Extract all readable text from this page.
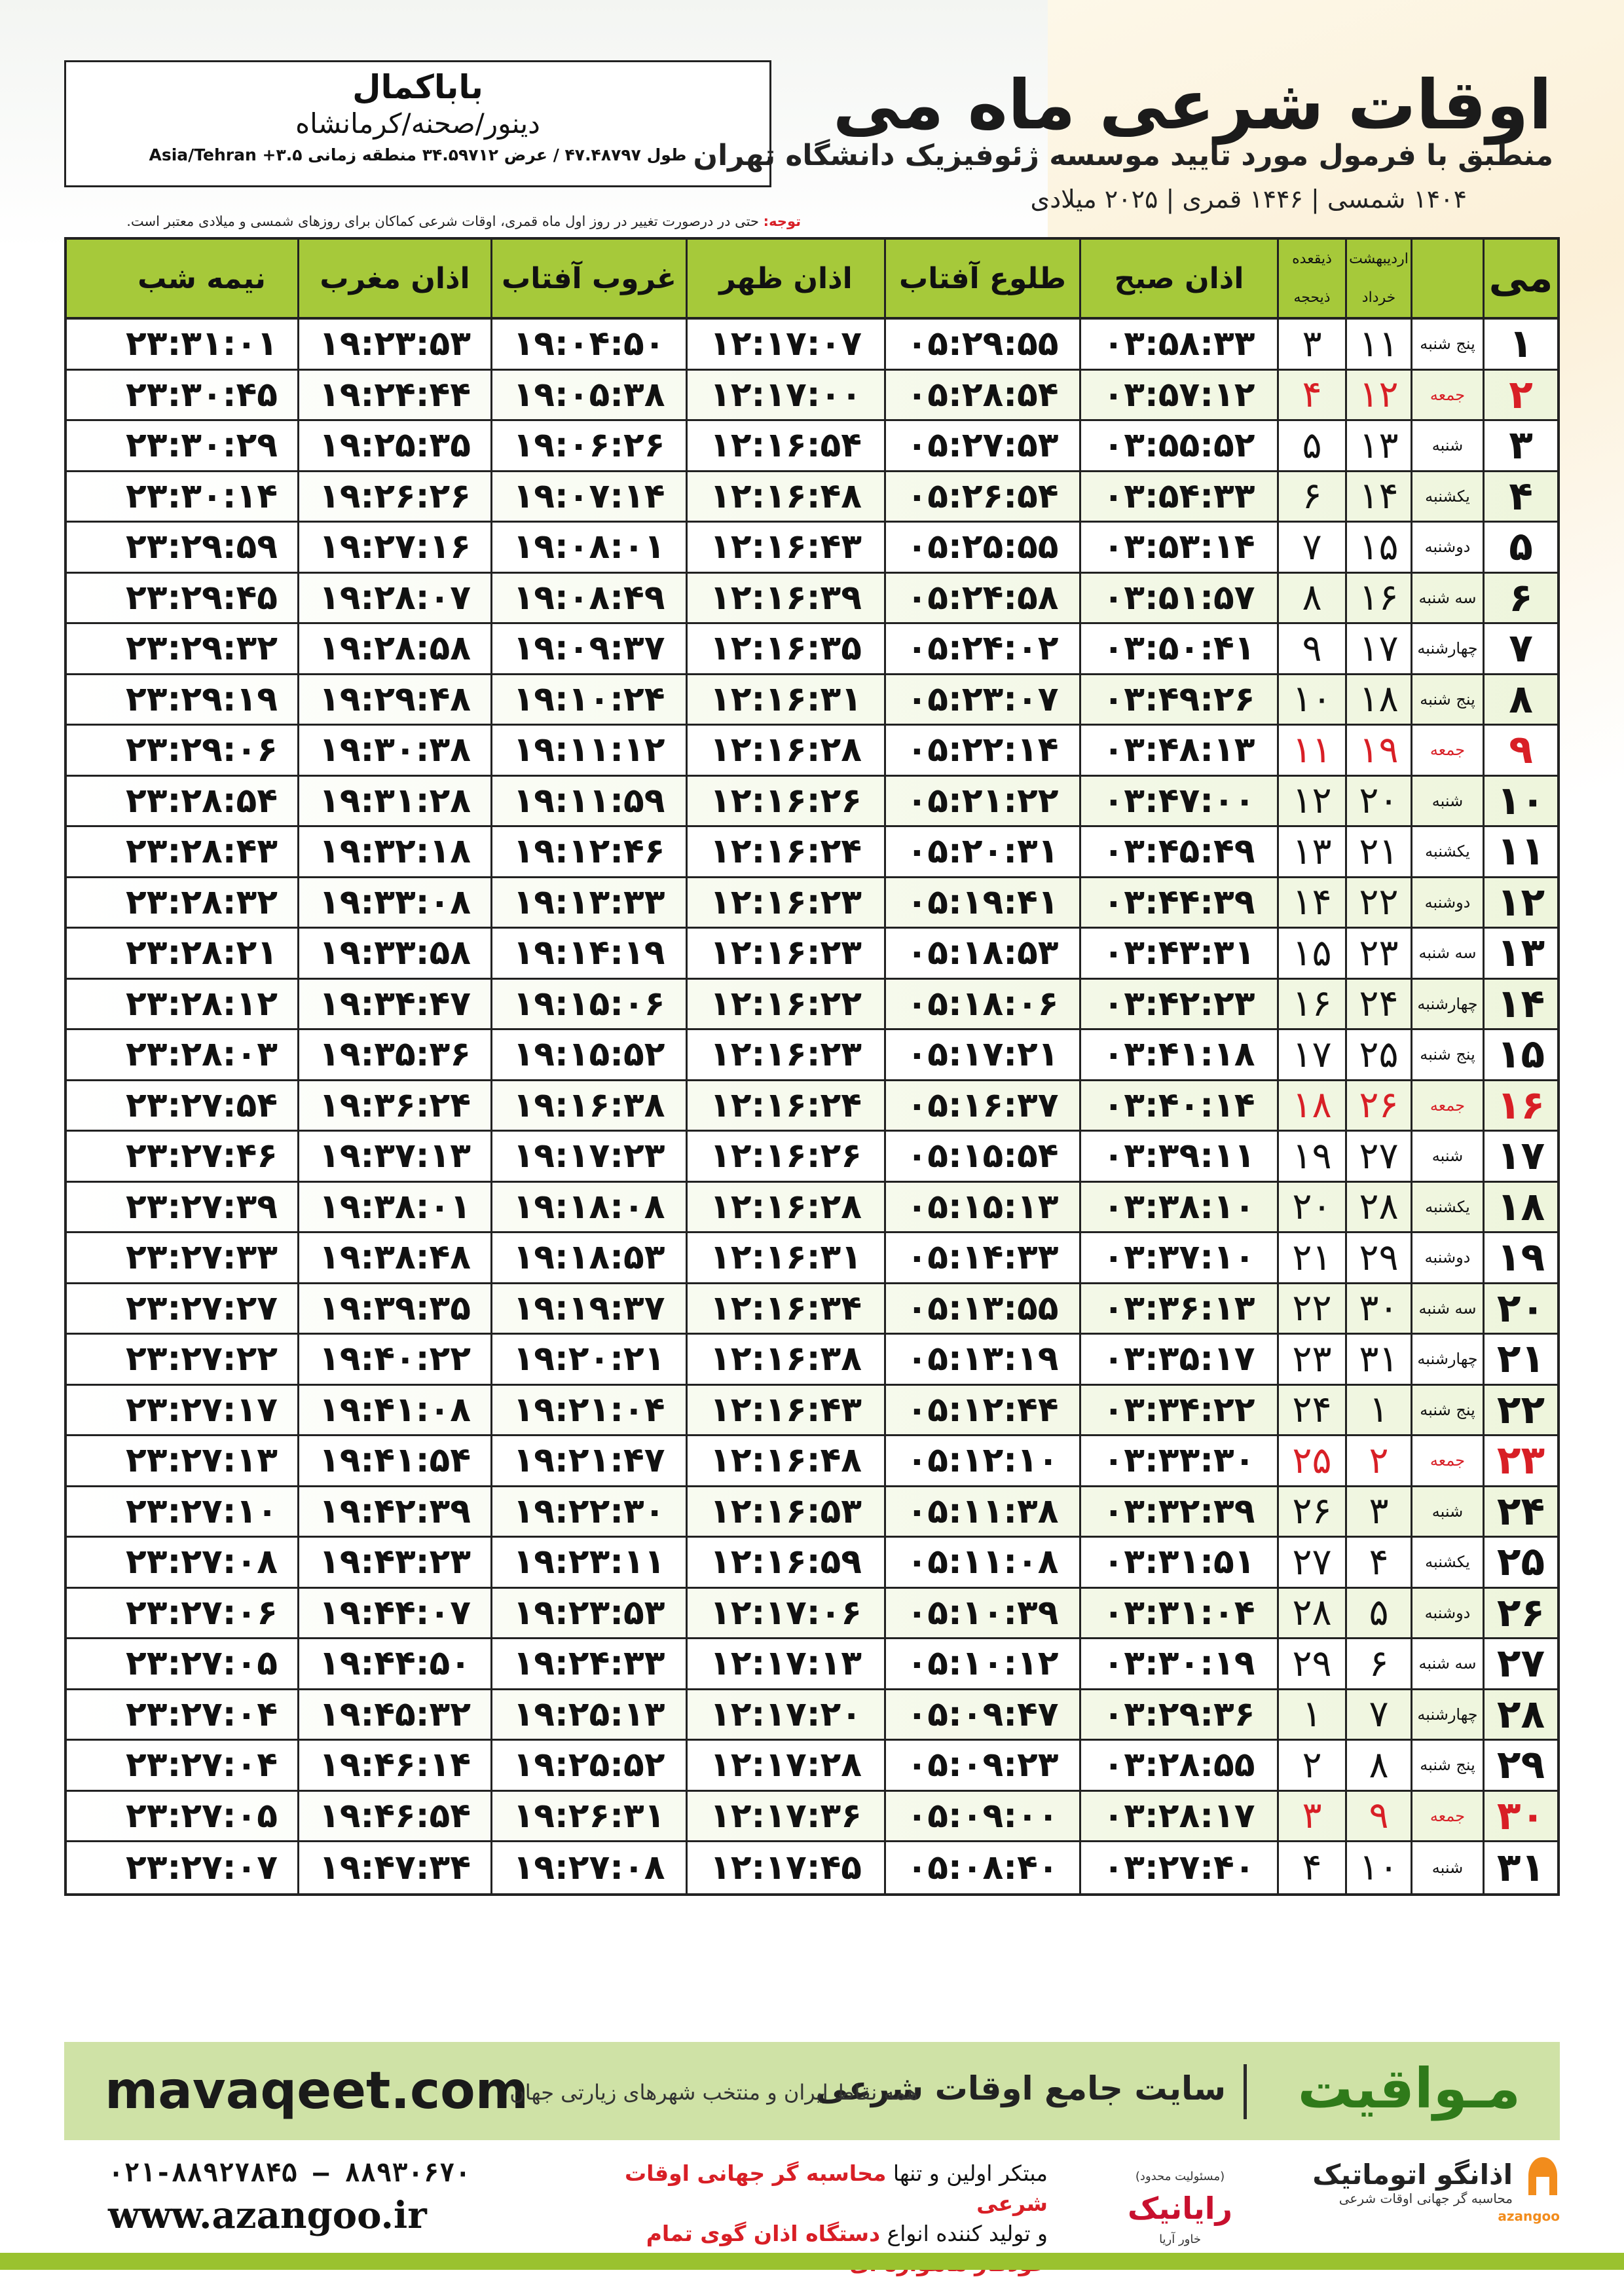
باباکمال
دینور/صحنه/کرمانشاه
طول ۴۷.۴۸۷۹۷ / عرض ۳۴.۵۹۷۱۲ منطقه زمانی ۳.۵+ Asia/Tehran
توجه: حتی در درصورت تغییر در روز اول ماه قمری، اوقات شرعی کماکان برای روزهای شمسی و میلادی معتبر است.
اوقات شرعی ماه می
منطبق با فرمول مورد تایید موسسه ژئوفیزیک دانشگاه تهران
۱۴۰۴ شمسی | ۱۴۴۶ قمری | ۲۰۲۵ میلادی
می
اردیبهشت
خرداد
ذیقعده
ذیحجه
اذان صبح
طلوع آفتاب
اذان ظهر
غروب آفتاب
اذان مغرب
نیمه شب
۱
پنج شنبه
۱۱
۳
۰۳:۵۸:۳۳
۰۵:۲۹:۵۵
۱۲:۱۷:۰۷
۱۹:۰۴:۵۰
۱۹:۲۳:۵۳
۲۳:۳۱:۰۱
۲
جمعه
۱۲
۴
۰۳:۵۷:۱۲
۰۵:۲۸:۵۴
۱۲:۱۷:۰۰
۱۹:۰۵:۳۸
۱۹:۲۴:۴۴
۲۳:۳۰:۴۵
۳
شنبه
۱۳
۵
۰۳:۵۵:۵۲
۰۵:۲۷:۵۳
۱۲:۱۶:۵۴
۱۹:۰۶:۲۶
۱۹:۲۵:۳۵
۲۳:۳۰:۲۹
۴
یکشنبه
۱۴
۶
۰۳:۵۴:۳۳
۰۵:۲۶:۵۴
۱۲:۱۶:۴۸
۱۹:۰۷:۱۴
۱۹:۲۶:۲۶
۲۳:۳۰:۱۴
۵
دوشنبه
۱۵
۷
۰۳:۵۳:۱۴
۰۵:۲۵:۵۵
۱۲:۱۶:۴۳
۱۹:۰۸:۰۱
۱۹:۲۷:۱۶
۲۳:۲۹:۵۹
۶
سه شنبه
۱۶
۸
۰۳:۵۱:۵۷
۰۵:۲۴:۵۸
۱۲:۱۶:۳۹
۱۹:۰۸:۴۹
۱۹:۲۸:۰۷
۲۳:۲۹:۴۵
۷
چهارشنبه
۱۷
۹
۰۳:۵۰:۴۱
۰۵:۲۴:۰۲
۱۲:۱۶:۳۵
۱۹:۰۹:۳۷
۱۹:۲۸:۵۸
۲۳:۲۹:۳۲
۸
پنج شنبه
۱۸
۱۰
۰۳:۴۹:۲۶
۰۵:۲۳:۰۷
۱۲:۱۶:۳۱
۱۹:۱۰:۲۴
۱۹:۲۹:۴۸
۲۳:۲۹:۱۹
۹
جمعه
۱۹
۱۱
۰۳:۴۸:۱۳
۰۵:۲۲:۱۴
۱۲:۱۶:۲۸
۱۹:۱۱:۱۲
۱۹:۳۰:۳۸
۲۳:۲۹:۰۶
۱۰
شنبه
۲۰
۱۲
۰۳:۴۷:۰۰
۰۵:۲۱:۲۲
۱۲:۱۶:۲۶
۱۹:۱۱:۵۹
۱۹:۳۱:۲۸
۲۳:۲۸:۵۴
۱۱
یکشنبه
۲۱
۱۳
۰۳:۴۵:۴۹
۰۵:۲۰:۳۱
۱۲:۱۶:۲۴
۱۹:۱۲:۴۶
۱۹:۳۲:۱۸
۲۳:۲۸:۴۳
۱۲
دوشنبه
۲۲
۱۴
۰۳:۴۴:۳۹
۰۵:۱۹:۴۱
۱۲:۱۶:۲۳
۱۹:۱۳:۳۳
۱۹:۳۳:۰۸
۲۳:۲۸:۳۲
۱۳
سه شنبه
۲۳
۱۵
۰۳:۴۳:۳۱
۰۵:۱۸:۵۳
۱۲:۱۶:۲۳
۱۹:۱۴:۱۹
۱۹:۳۳:۵۸
۲۳:۲۸:۲۱
۱۴
چهارشنبه
۲۴
۱۶
۰۳:۴۲:۲۳
۰۵:۱۸:۰۶
۱۲:۱۶:۲۲
۱۹:۱۵:۰۶
۱۹:۳۴:۴۷
۲۳:۲۸:۱۲
۱۵
پنج شنبه
۲۵
۱۷
۰۳:۴۱:۱۸
۰۵:۱۷:۲۱
۱۲:۱۶:۲۳
۱۹:۱۵:۵۲
۱۹:۳۵:۳۶
۲۳:۲۸:۰۳
۱۶
جمعه
۲۶
۱۸
۰۳:۴۰:۱۴
۰۵:۱۶:۳۷
۱۲:۱۶:۲۴
۱۹:۱۶:۳۸
۱۹:۳۶:۲۴
۲۳:۲۷:۵۴
۱۷
شنبه
۲۷
۱۹
۰۳:۳۹:۱۱
۰۵:۱۵:۵۴
۱۲:۱۶:۲۶
۱۹:۱۷:۲۳
۱۹:۳۷:۱۳
۲۳:۲۷:۴۶
۱۸
یکشنبه
۲۸
۲۰
۰۳:۳۸:۱۰
۰۵:۱۵:۱۳
۱۲:۱۶:۲۸
۱۹:۱۸:۰۸
۱۹:۳۸:۰۱
۲۳:۲۷:۳۹
۱۹
دوشنبه
۲۹
۲۱
۰۳:۳۷:۱۰
۰۵:۱۴:۳۳
۱۲:۱۶:۳۱
۱۹:۱۸:۵۳
۱۹:۳۸:۴۸
۲۳:۲۷:۳۳
۲۰
سه شنبه
۳۰
۲۲
۰۳:۳۶:۱۳
۰۵:۱۳:۵۵
۱۲:۱۶:۳۴
۱۹:۱۹:۳۷
۱۹:۳۹:۳۵
۲۳:۲۷:۲۷
۲۱
چهارشنبه
۳۱
۲۳
۰۳:۳۵:۱۷
۰۵:۱۳:۱۹
۱۲:۱۶:۳۸
۱۹:۲۰:۲۱
۱۹:۴۰:۲۲
۲۳:۲۷:۲۲
۲۲
پنج شنبه
۱
۲۴
۰۳:۳۴:۲۲
۰۵:۱۲:۴۴
۱۲:۱۶:۴۳
۱۹:۲۱:۰۴
۱۹:۴۱:۰۸
۲۳:۲۷:۱۷
۲۳
جمعه
۲
۲۵
۰۳:۳۳:۳۰
۰۵:۱۲:۱۰
۱۲:۱۶:۴۸
۱۹:۲۱:۴۷
۱۹:۴۱:۵۴
۲۳:۲۷:۱۳
۲۴
شنبه
۳
۲۶
۰۳:۳۲:۳۹
۰۵:۱۱:۳۸
۱۲:۱۶:۵۳
۱۹:۲۲:۳۰
۱۹:۴۲:۳۹
۲۳:۲۷:۱۰
۲۵
یکشنبه
۴
۲۷
۰۳:۳۱:۵۱
۰۵:۱۱:۰۸
۱۲:۱۶:۵۹
۱۹:۲۳:۱۱
۱۹:۴۳:۲۳
۲۳:۲۷:۰۸
۲۶
دوشنبه
۵
۲۸
۰۳:۳۱:۰۴
۰۵:۱۰:۳۹
۱۲:۱۷:۰۶
۱۹:۲۳:۵۳
۱۹:۴۴:۰۷
۲۳:۲۷:۰۶
۲۷
سه شنبه
۶
۲۹
۰۳:۳۰:۱۹
۰۵:۱۰:۱۲
۱۲:۱۷:۱۳
۱۹:۲۴:۳۳
۱۹:۴۴:۵۰
۲۳:۲۷:۰۵
۲۸
چهارشنبه
۷
۱
۰۳:۲۹:۳۶
۰۵:۰۹:۴۷
۱۲:۱۷:۲۰
۱۹:۲۵:۱۳
۱۹:۴۵:۳۲
۲۳:۲۷:۰۴
۲۹
پنج شنبه
۸
۲
۰۳:۲۸:۵۵
۰۵:۰۹:۲۳
۱۲:۱۷:۲۸
۱۹:۲۵:۵۲
۱۹:۴۶:۱۴
۲۳:۲۷:۰۴
۳۰
جمعه
۹
۳
۰۳:۲۸:۱۷
۰۵:۰۹:۰۰
۱۲:۱۷:۳۶
۱۹:۲۶:۳۱
۱۹:۴۶:۵۴
۲۳:۲۷:۰۵
۳۱
شنبه
۱۰
۴
۰۳:۲۷:۴۰
۰۵:۰۸:۴۰
۱۲:۱۷:۴۵
۱۹:۲۷:۰۸
۱۹:۴۷:۳۴
۲۳:۲۷:۰۷
mavaqeet.com	مـواقیت
سایت جامع اوقات شرعی
همه نقاط ایران و منتخب شهرهای زیارتی جهان
۰۲۱-۸۸۹۲۷۸۴۵ – ۸۸۹۳۰۶۷۰
www.azangoo.ir
مبتکر اولین و تنها محاسبه گر جهانی اوقات شرعی
و تولید کننده انواع دستگاه اذان گوی تمام
(مسئولیت محدود)
رایانیک
خاور آریا
اذانگو اتوماتیک
محاسبه گر جهانی اوقات شرعی
azangoo
